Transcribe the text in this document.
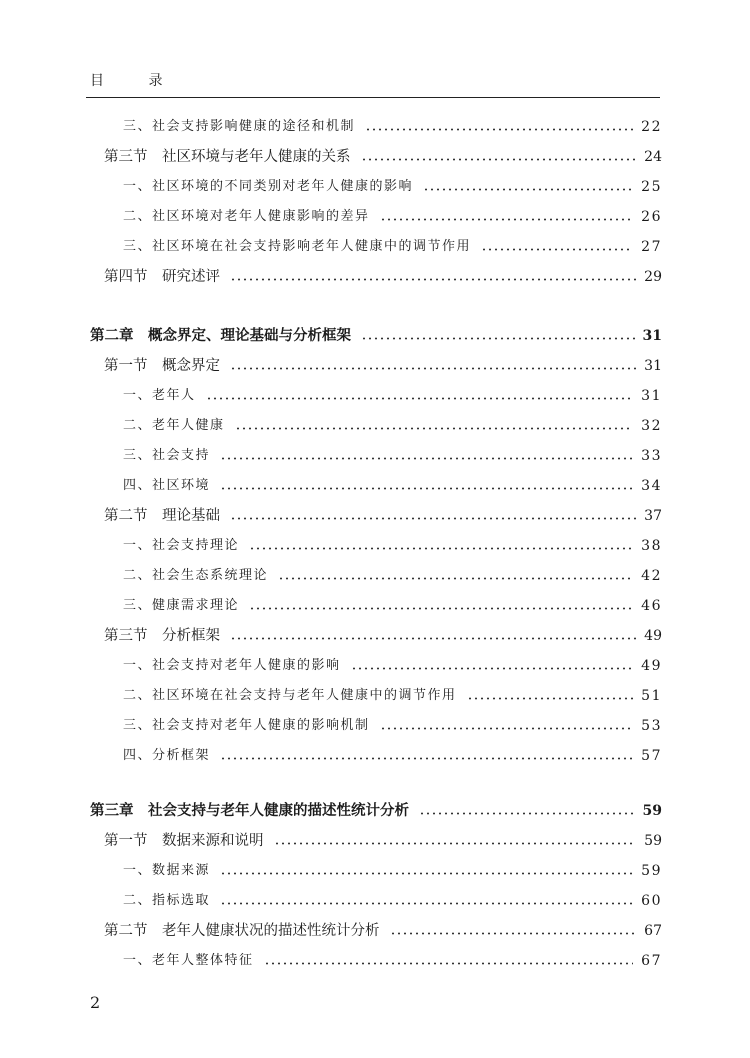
目 录
三、社会支持影响健康的途径和机制	22
第三节　社区环境与老年人健康的关系	24
一、社区环境的不同类别对老年人健康的影响	25
二、社区环境对老年人健康影响的差异	26
三、社区环境在社会支持影响老年人健康中的调节作用	27
第四节　研究述评	29
第二章　概念界定、理论基础与分析框架	31
第一节　概念界定	31
一、老年人	31
二、老年人健康	32
三、社会支持	33
四、社区环境	34
第二节　理论基础	37
一、社会支持理论	38
二、社会生态系统理论	42
三、健康需求理论	46
第三节　分析框架	49
一、社会支持对老年人健康的影响	49
二、社区环境在社会支持与老年人健康中的调节作用	51
三、社会支持对老年人健康的影响机制	53
四、分析框架	57
第三章　社会支持与老年人健康的描述性统计分析	59
第一节　数据来源和说明	59
一、数据来源	59
二、指标选取	60
第二节　老年人健康状况的描述性统计分析	67
一、老年人整体特征	67
2
